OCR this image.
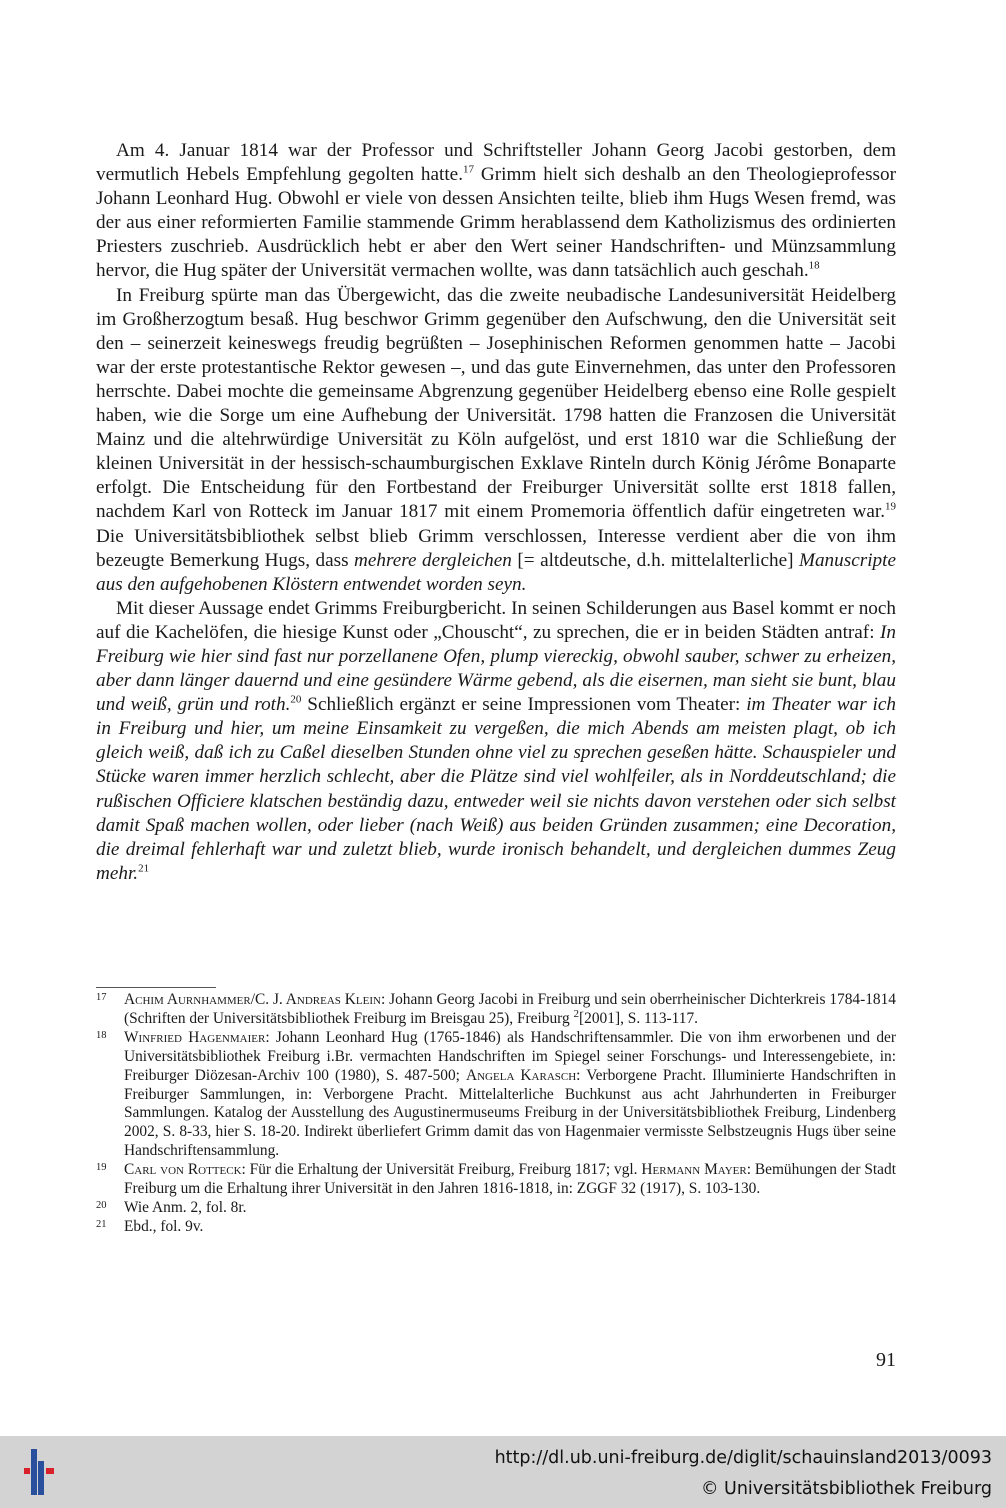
Am 4. Januar 1814 war der Professor und Schriftsteller Johann Georg Jacobi gestorben, dem vermutlich Hebels Empfehlung gegolten hatte.$^{17}$ Grimm hielt sich deshalb an den Theologieprofessor Johann Leonhard Hug. Obwohl er viele von dessen Ansichten teilte, blieb ihm Hugs Wesen fremd, was der aus einer reformierten Familie stammende Grimm herablassend dem Katholizismus des ordinierten Priesters zuschrieb. Ausdrücklich hebt er aber den Wert seiner Handschriften- und Münzsammlung hervor, die Hug später der Universität vermachen wollte, was dann tatsächlich auch geschah.$^{18}$

In Freiburg spürte man das Übergewicht, das die zweite neubadische Landesuniversität Heidelberg im Großherzogtum besaß. Hug beschwor Grimm gegenüber den Aufschwung, den die Universität seit den – seinerzeit keineswegs freudig begrüßten – Josephinischen Reformen genommen hatte – Jacobi war der erste protestantische Rektor gewesen –, und das gute Einvernehmen, das unter den Professoren herrschte. Dabei mochte die gemeinsame Abgrenzung gegenüber Heidelberg ebenso eine Rolle gespielt haben, wie die Sorge um eine Aufhebung der Universität. 1798 hatten die Franzosen die Universität Mainz und die altehrwürdige Universität zu Köln aufgelöst, und erst 1810 war die Schließung der kleinen Universität in der hessisch-schaumburgischen Exklave Rinteln durch König Jérôme Bonaparte erfolgt. Die Entscheidung für den Fortbestand der Freiburger Universität sollte erst 1818 fallen, nachdem Karl von Rotteck im Januar 1817 mit einem Promemoria öffentlich dafür eingetreten war.$^{19}$ Die Universitätsbibliothek selbst blieb Grimm verschlossen, Interesse verdient aber die von ihm bezeugte Bemerkung Hugs, dass mehrere dergleichen [= altdeutsche, d.h. mittelalterliche] Manuscripte aus den aufgehobenen Klöstern entwendet worden seyn.

Mit dieser Aussage endet Grimms Freiburgbericht. In seinen Schilderungen aus Basel kommt er noch auf die Kachelöfen, die hiesige Kunst oder „Chouscht“, zu sprechen, die er in beiden Städten antraf: In Freiburg wie hier sind fast nur porzellanene Ofen, plump viereckig, obwohl sauber, schwer zu erheizen, aber dann länger dauernd und eine gesündere Wärme gebend, als die eisernen, man sieht sie bunt, blau und weiß, grün und roth.$^{20}$ Schließlich ergänzt er seine Impressionen vom Theater: im Theater war ich in Freiburg und hier, um meine Einsamkeit zu vergeßen, die mich Abends am meisten plagt, ob ich gleich weiß, daß ich zu Caßel dieselben Stunden ohne viel zu sprechen geseßen hätte. Schauspieler und Stücke waren immer herzlich schlecht, aber die Plätze sind viel wohlfeiler, als in Norddeutschland; die rußischen Officiere klatschen beständig dazu, entweder weil sie nichts davon verstehen oder sich selbst damit Spaß machen wollen, oder lieber (nach Weiß) aus beiden Gründen zusammen; eine Decoration, die dreimal fehlerhaft war und zuletzt blieb, wurde ironisch behandelt, und dergleichen dummes Zeug mehr.$^{21}$

17 Achim Aurnhammer/C. J. Andreas Klein: Johann Georg Jacobi in Freiburg und sein oberrheinischer Dichterkreis 1784-1814 (Schriften der Universitätsbibliothek Freiburg im Breisgau 25), Freiburg $^2$[2001], S. 113-117.
18 Winfried Hagenmaier: Johann Leonhard Hug (1765-1846) als Handschriftensammler. Die von ihm erworbenen und der Universitätsbibliothek Freiburg i.Br. vermachten Handschriften im Spiegel seiner Forschungs- und Interessengebiete, in: Freiburger Diözesan-Archiv 100 (1980), S. 487-500; Angela Karasch: Verborgene Pracht. Illuminierte Handschriften in Freiburger Sammlungen, in: Verborgene Pracht. Mittelalterliche Buchkunst aus acht Jahrhunderten in Freiburger Sammlungen. Katalog der Ausstellung des Augustinermuseums Freiburg in der Universitätsbibliothek Freiburg, Lindenberg 2002, S. 8-33, hier S. 18-20. Indirekt überliefert Grimm damit das von Hagenmaier vermisste Selbstzeugnis Hugs über seine Handschriftensammlung.
19 Carl von Rotteck: Für die Erhaltung der Universität Freiburg, Freiburg 1817; vgl. Hermann Mayer: Bemühungen der Stadt Freiburg um die Erhaltung ihrer Universität in den Jahren 1816-1818, in: ZGGF 32 (1917), S. 103-130.
20 Wie Anm. 2, fol. 8r.
21 Ebd., fol. 9v.
91
http://dl.ub.uni-freiburg.de/diglit/schauinsland2013/0093
© Universitätsbibliothek Freiburg
